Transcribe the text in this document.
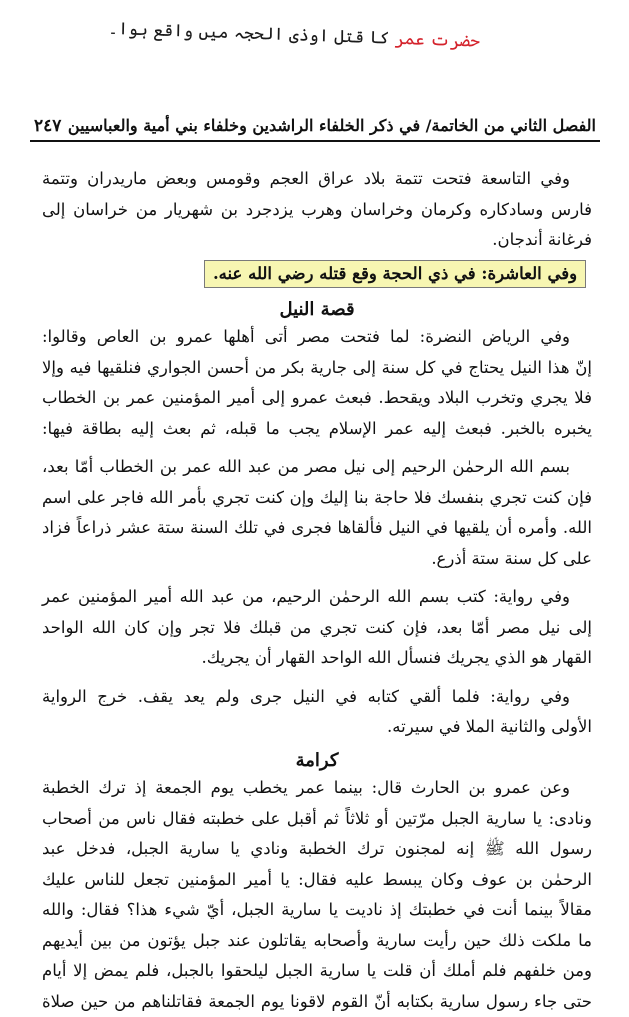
حضرت عمر کا قتل اوذی الحجہ میں واقع ہوا۔
الفصل الثاني من الخاتمة/ في ذكر الخلفاء الراشدين وخلفاء بني أمية والعباسيين
٢٤٧
وفي التاسعة فتحت تتمة بلاد عراق العجم وقومس وبعض ماريدران وتتمة
فارس وسادكاره وكرمان وخراسان وهرب يزدجرد بن شهريار من خراسان إلى
فرغانة أندجان.
وفي العاشرة: في ذي الحجة وقع قتله رضي الله عنه.
قصة النيل
وفي الرياض النضرة: لما فتحت مصر أتى أهلها عمرو بن العاص وقالوا:
إنّ هذا النيل يحتاج في كل سنة إلى جارية بكر من أحسن الجواري فنلقيها فيه وإلا
فلا يجري وتخرب البلاد ويقحط. فبعث عمرو إلى أمير المؤمنين عمر بن الخطاب
يخبره بالخبر. فبعث إليه عمر الإسلام يجب ما قبله، ثم بعث إليه بطاقة فيها:
بسم الله الرحمٰن الرحيم إلى نيل مصر من عبد الله عمر بن الخطاب أمّا بعد،
فإن كنت تجري بنفسك فلا حاجة بنا إليك وإن كنت تجري بأمر الله فاجر على اسم
الله. وأمره أن يلقيها في النيل فألقاها فجرى في تلك السنة ستة عشر ذراعاً فزاد
على كل سنة ستة أذرع.
وفي رواية: كتب بسم الله الرحمٰن الرحيم، من عبد الله أمير المؤمنين عمر
إلى نيل مصر أمّا بعد، فإن كنت تجري من قبلك فلا تجر وإن كان الله الواحد
القهار هو الذي يجريك فنسأل الله الواحد القهار أن يجريك.
وفي رواية: فلما ألقي كتابه في النيل جرى ولم يعد يقف. خرج الرواية
الأولى والثانية الملا في سيرته.
كرامة
وعن عمرو بن الحارث قال: بينما عمر يخطب يوم الجمعة إذ ترك الخطبة
ونادى: يا سارية الجبل مرّتين أو ثلاثاً ثم أقبل على خطبته فقال ناس من أصحاب
رسول الله ﷺ إنه لمجنون ترك الخطبة ونادي يا سارية الجبل، فدخل عبد
الرحمٰن بن عوف وكان يبسط عليه فقال: يا أمير المؤمنين تجعل للناس عليك
مقالاً بينما أنت في خطبتك إذ ناديت يا سارية الجبل، أيّ شيء هذا؟ فقال: والله
ما ملكت ذلك حين رأيت سارية وأصحابه يقاتلون عند جبل يؤتون من بين أيديهم
ومن خلفهم فلم أملك أن قلت يا سارية الجبل ليلحقوا بالجبل، فلم يمض إلا أيام
حتى جاء رسول سارية بكتابه أنّ القوم لاقونا يوم الجمعة فقاتلناهم من حين صلاة
